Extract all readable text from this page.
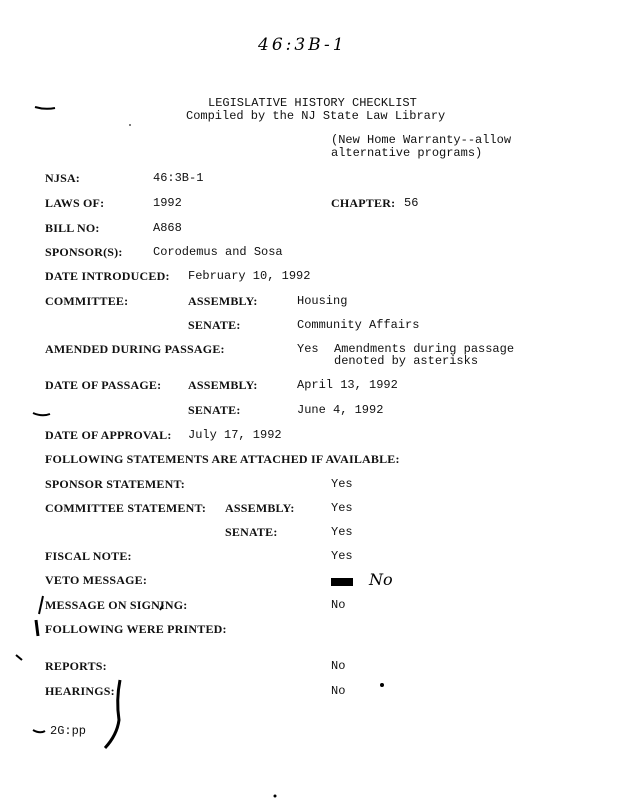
46:3B-1
LEGISLATIVE HISTORY CHECKLIST
Compiled by the NJ State Law Library
(New Home Warranty--allow
alternative programs)
NJSA:	46:3B-1
LAWS OF:	1992	CHAPTER: 56
BILL NO:	A868
SPONSOR(S):	Corodemus and Sosa
DATE INTRODUCED: February 10, 1992
COMMITTEE:	ASSEMBLY:	Housing
SENATE:	Community Affairs
AMENDED DURING PASSAGE:	Yes Amendments during passage
denoted by asterisks
DATE OF PASSAGE: ASSEMBLY:	April 13, 1992
SENATE:	June 4, 1992
DATE OF APPROVAL: July 17, 1992
FOLLOWING STATEMENTS ARE ATTACHED IF AVAILABLE:
SPONSOR STATEMENT:	Yes
COMMITTEE STATEMENT: ASSEMBLY:	Yes
SENATE:	Yes
FISCAL NOTE:	Yes
VETO MESSAGE:	No
MESSAGE ON SIGNING:	No
FOLLOWING WERE PRINTED:
REPORTS:	No
HEARINGS:	No
2G:pp
